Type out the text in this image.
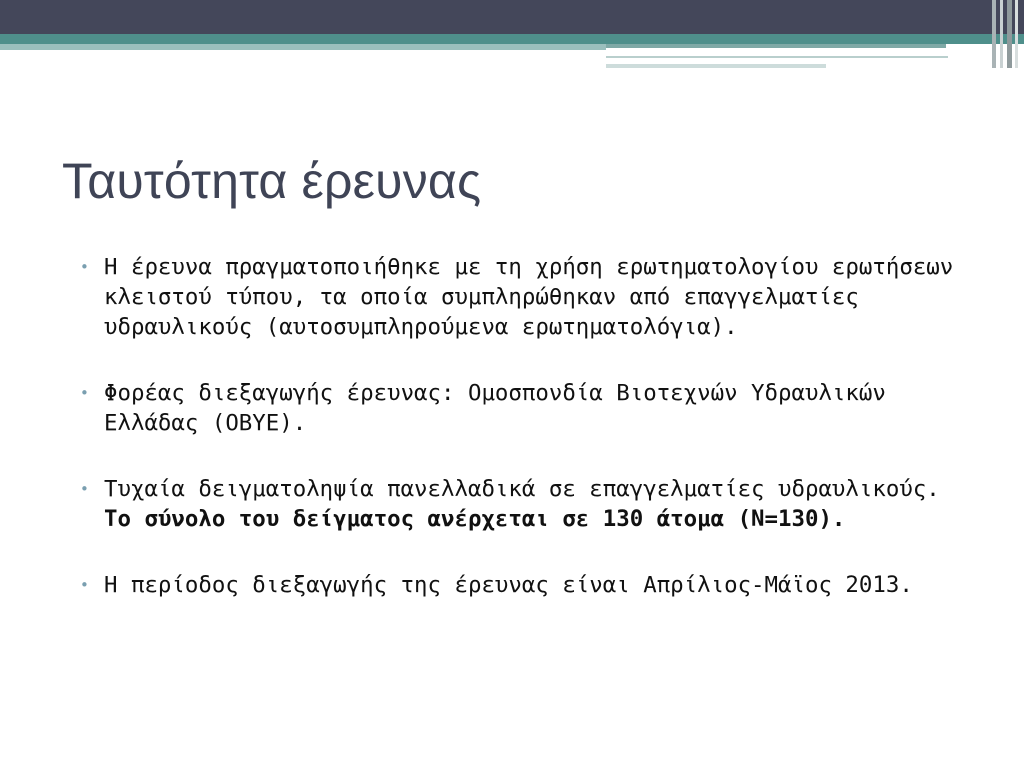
Ταυτότητα έρευνας
• Η έρευνα πραγματοποιήθηκε με τη χρήση ερωτηματολογίου ερωτήσεων κλειστού τύπου, τα οποία συμπληρώθηκαν από επαγγελματίες υδραυλικούς (αυτοσυμπληρούμενα ερωτηματολόγια).
• Φορέας διεξαγωγής έρευνας: Ομοσπονδία Βιοτεχνών Υδραυλικών Ελλάδας (ΟΒΥΕ).
• Τυχαία δειγματοληψία πανελλαδικά σε επαγγελματίες υδραυλικούς. Το σύνολο του δείγματος ανέρχεται σε 130 άτομα (Ν=130).
• Η περίοδος διεξαγωγής της έρευνας είναι Απρίλιος-Μάϊος 2013.
